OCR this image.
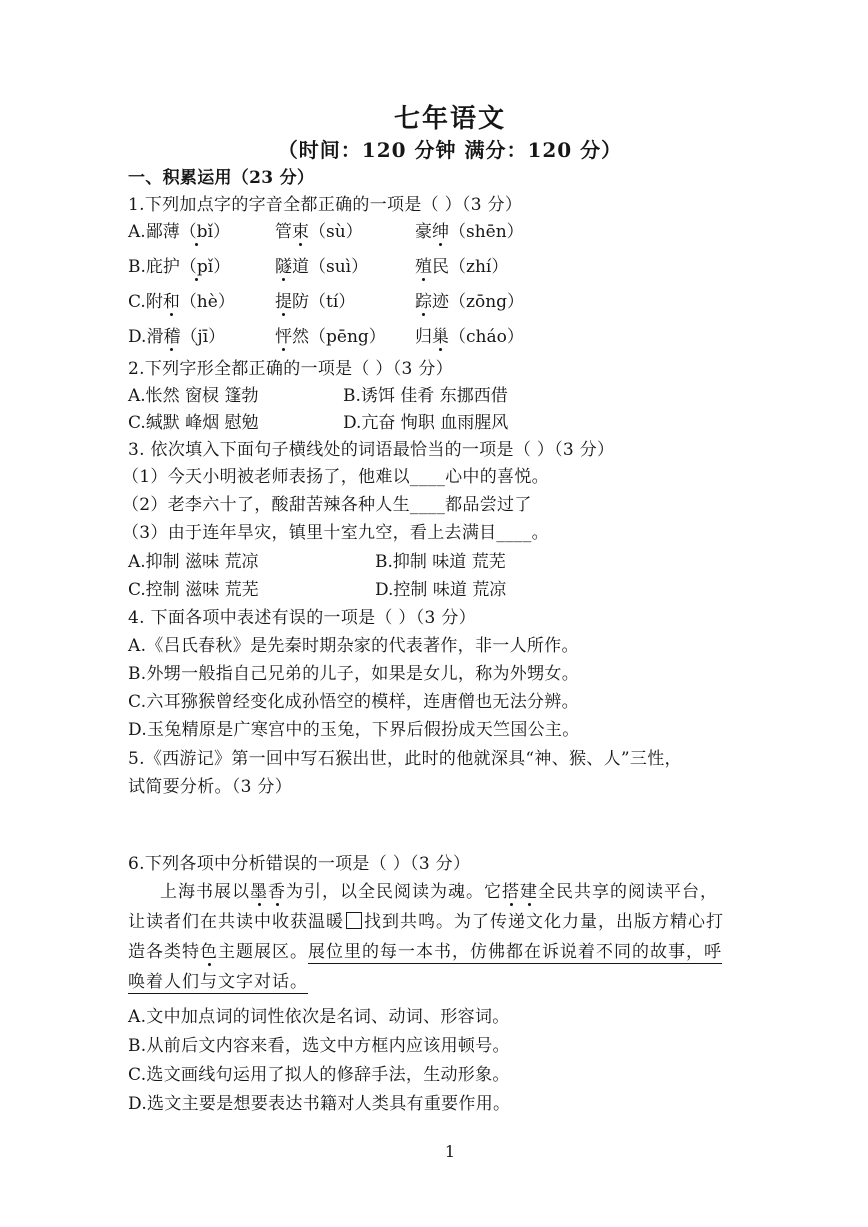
七年语文
（时间：120 分钟 满分：120 分）
一、积累运用（23 分）
1.下列加点字的字音全都正确的一项是（ ）（3 分）
A.鄙薄（bǐ）	管束（sù）	豪绅（shēn）
B.庇护（pǐ）	隧道（suì）	殖民（zhí）
C.附和（hè） 提防（tí）	踪迹（zōng）
D.滑稽（jī）	怦然（pēng） 归巢（cháo）
2.下列字形全都正确的一项是（ ）（3 分）
A.怅然 窗棂 篷勃	B.诱饵 佳肴 东挪西借
C.缄默 峰烟 慰勉	D.亢奋 恂职 血雨腥风
3. 依次填入下面句子横线处的词语最恰当的一项是（ ）（3 分）
（1）今天小明被老师表扬了，他难以____心中的喜悦。
（2）老李六十了，酸甜苦辣各种人生____都品尝过了
（3）由于连年旱灾，镇里十室九空，看上去满目____。
A.抑制 滋味 荒凉	B.抑制 味道 荒芜
C.控制 滋味 荒芜	D.控制 味道 荒凉
4. 下面各项中表述有误的一项是（ ）（3 分）
A.《吕氏春秋》是先秦时期杂家的代表著作，非一人所作。
B.外甥一般指自己兄弟的儿子，如果是女儿，称为外甥女。
C.六耳猕猴曾经变化成孙悟空的模样，连唐僧也无法分辨。
D.玉兔精原是广寒宫中的玉兔，下界后假扮成天竺国公主。
5.《西游记》第一回中写石猴出世，此时的他就深具“神、猴、人”三性，
试简要分析。（3 分）
6.下列各项中分析错误的一项是（ ）（3 分）
上海书展以墨香为引，以全民阅读为魂。它搭建全民共享的阅读平台，
让读者们在共读中收获温暖 找到共鸣。为了传递文化力量，出版方精心打
造各类特色主题展区。展位里的每一本书，仿佛都在诉说着不同的故事，呼
唤着人们与文字对话。
A.文中加点词的词性依次是名词、动词、形容词。
B.从前后文内容来看，选文中方框内应该用顿号。
C.选文画线句运用了拟人的修辞手法，生动形象。
D.选文主要是想要表达书籍对人类具有重要作用。
1
